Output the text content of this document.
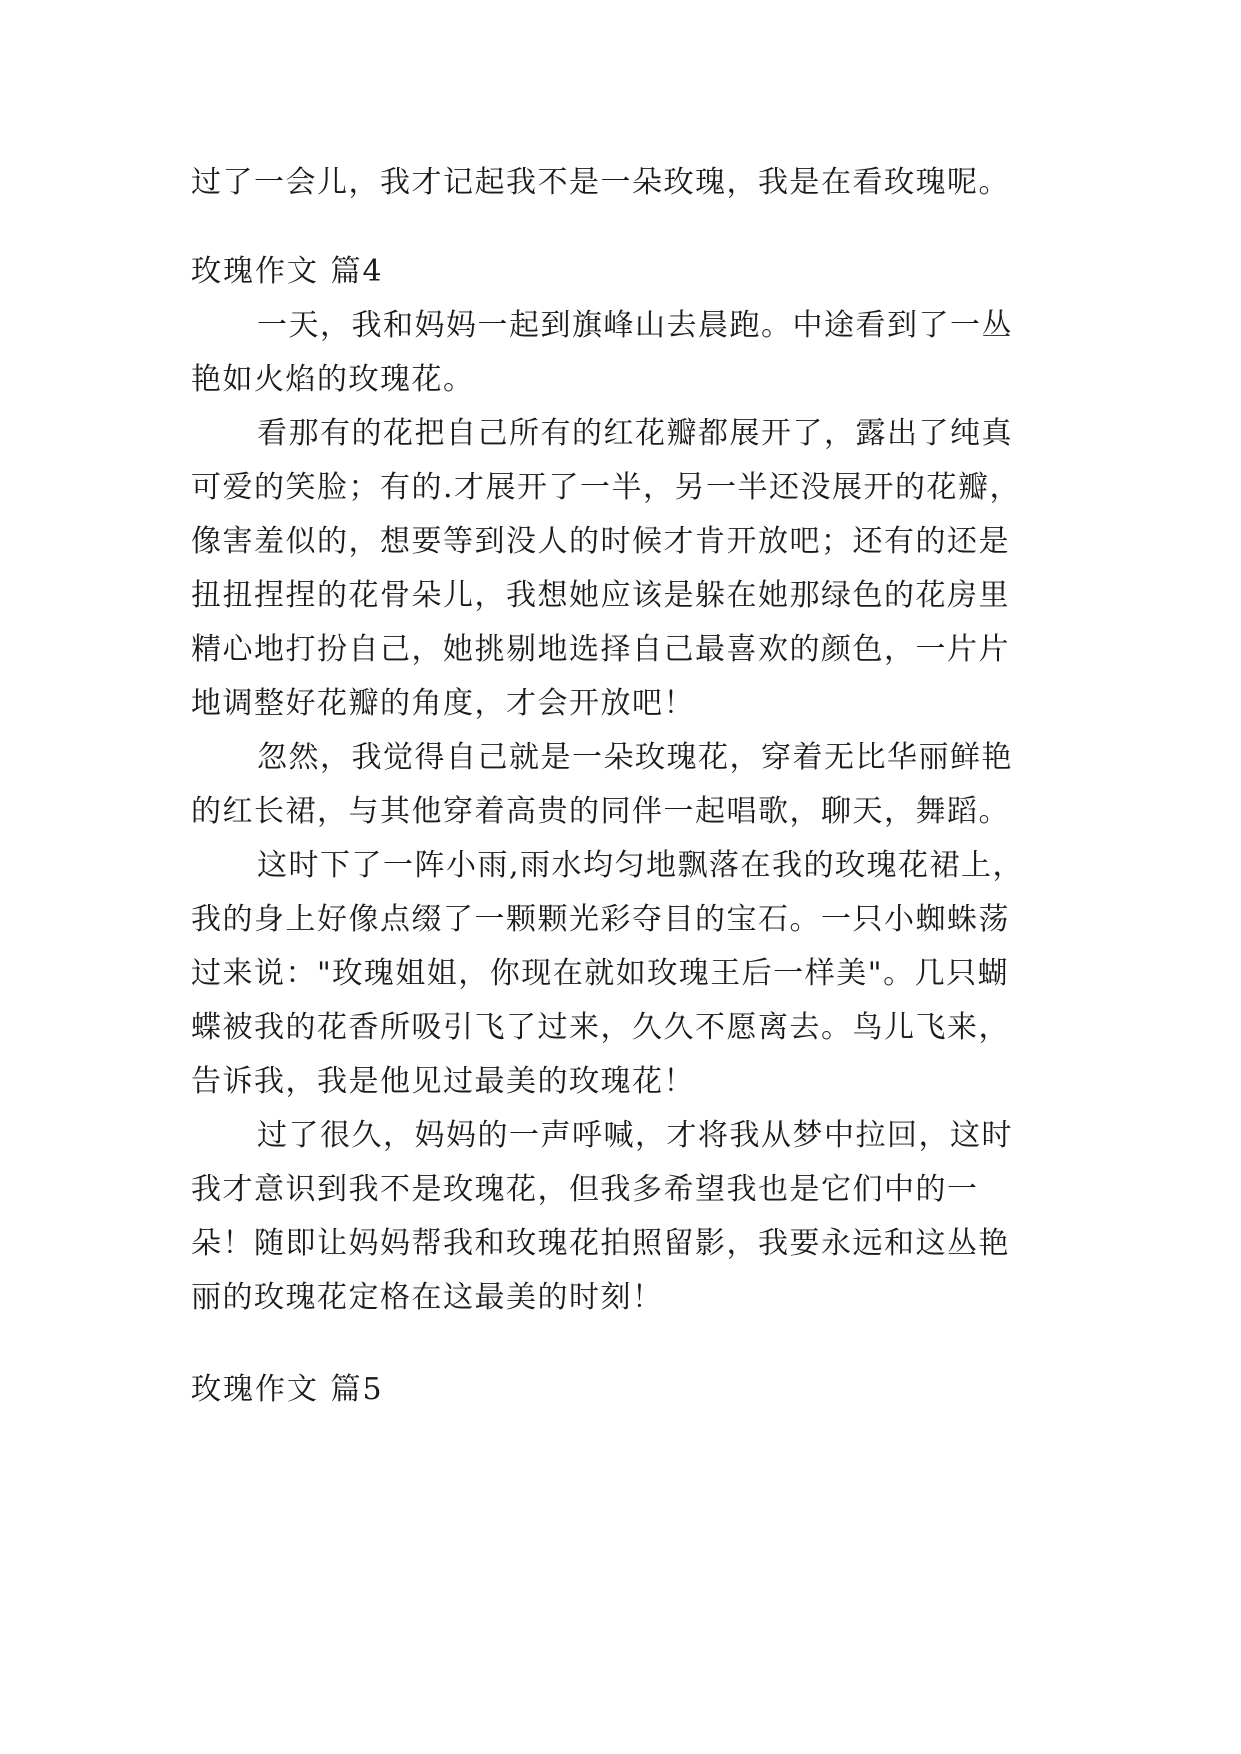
过了一会儿，我才记起我不是一朵玫瑰，我是在看玫瑰呢。
玫瑰作文 篇4
一天，我和妈妈一起到旗峰山去晨跑。中途看到了一丛
艳如火焰的玫瑰花。
看那有的花把自己所有的红花瓣都展开了，露出了纯真
可爱的笑脸；有的.才展开了一半，另一半还没展开的花瓣，
像害羞似的，想要等到没人的时候才肯开放吧；还有的还是
扭扭捏捏的花骨朵儿，我想她应该是躲在她那绿色的花房里
精心地打扮自己，她挑剔地选择自己最喜欢的颜色，一片片
地调整好花瓣的角度，才会开放吧！
忽然，我觉得自己就是一朵玫瑰花，穿着无比华丽鲜艳
的红长裙，与其他穿着高贵的同伴一起唱歌，聊天，舞蹈。
这时下了一阵小雨,雨水均匀地飘落在我的玫瑰花裙上，
我的身上好像点缀了一颗颗光彩夺目的宝石。一只小蜘蛛荡
过来说："玫瑰姐姐，你现在就如玫瑰王后一样美"。几只蝴
蝶被我的花香所吸引飞了过来，久久不愿离去。鸟儿飞来，
告诉我，我是他见过最美的玫瑰花！
过了很久，妈妈的一声呼喊，才将我从梦中拉回，这时
我才意识到我不是玫瑰花，但我多希望我也是它们中的一
朵！随即让妈妈帮我和玫瑰花拍照留影，我要永远和这丛艳
丽的玫瑰花定格在这最美的时刻！
玫瑰作文 篇5
